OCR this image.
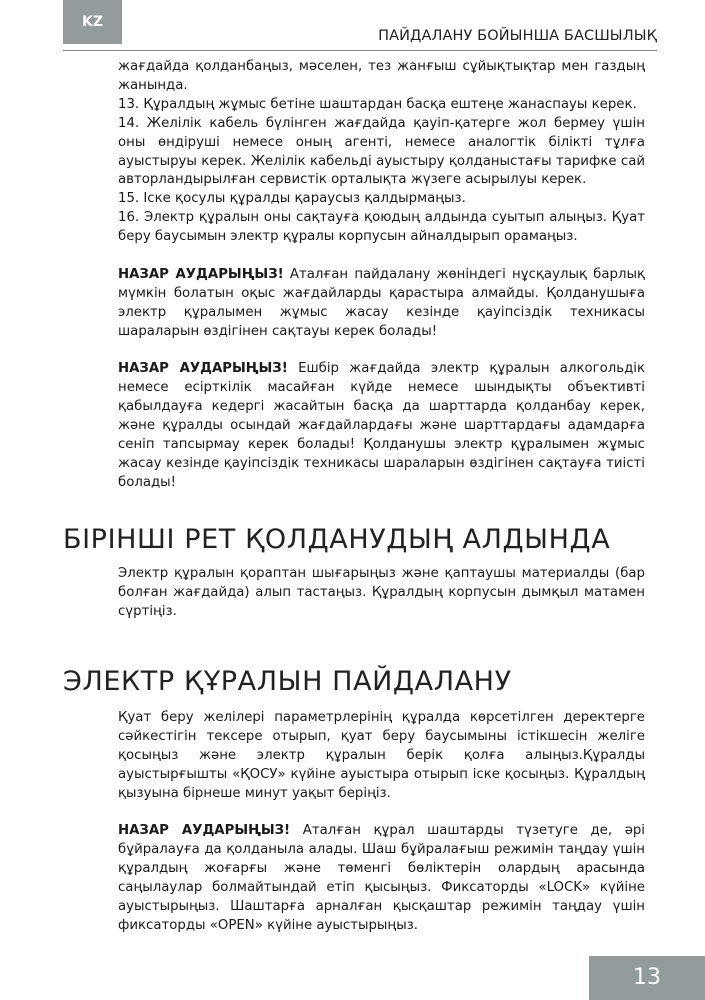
KZ
ПАЙДАЛАНУ БОЙЫНША БАСШЫЛЫҚ

жағдайда қолданбаңыз, мәселен, тез жанғыш сұйықтықтар мен газдың жанында.

13. Құралдың жұмыс бетіне шаштардан басқа ештеңе жанаспауы керек.

14. Желілік кабель бүлінген жағдайда қауіп-қатерге жол бермеу үшін оны өндіруші немесе оның агенті, немесе аналогтік білікті тұлға ауыстыруы керек. Желілік кабельді ауыстыру қолданыстағы тарифке сай авторландырылған сервистік орталықта жүзеге асырылуы керек.

15. Іске қосулы құралды қараусыз қалдырмаңыз.

16. Электр құралын оны сақтауға қоюдың алдында суытып алыңыз. Қуат беру баусымын электр құралы корпусын айналдырып орамаңыз.

НАЗАР АУДАРЫҢЫЗ! Аталған пайдалану жөніндегі нұсқаулық барлық мүмкін болатын оқыс жағдайларды қарастыра алмайды. Қолданушыға электр құралымен жұмыс жасау кезінде қауіпсіздік техникасы шараларын өздігінен сақтауы керек болады!

НАЗАР АУДАРЫҢЫЗ! Ешбір жағдайда электр құралын алкогольдік немесе есірткілік масайған күйде немесе шындықты объективті қабылдауға кедергі жасайтын басқа да шарттарда қолданбау керек, және құралды осындай жағдайлардағы және шарттардағы адамдарға сеніп тапсырмау керек болады! Қолданушы электр құралымен жұмыс жасау кезінде қауіпсіздік техникасы шараларын өздігінен сақтауға тиісті болады!

БІРІНШІ РЕТ ҚОЛДАНУДЫҢ АЛДЫНДА

Электр құралын қораптан шығарыңыз және қаптаушы материалды (бар болған жағдайда) алып тастаңыз. Құралдың корпусын дымқыл матамен сүртіңіз.

ЭЛЕКТР ҚҰРАЛЫН ПАЙДАЛАНУ

Қуат беру желілері параметрлерінің құралда көрсетілген деректерге сәйкестігін тексере отырып, қуат беру баусымыны істікшесін желіге қосыңыз және электр құралын берік қолға алыңыз.Құралды ауыстырғышты «ҚОСУ» күйіне ауыстыра отырып іске қосыңыз. Құралдың қызуына бірнеше минут уақыт беріңіз.

НАЗАР АУДАРЫҢЫЗ! Аталған құрал шаштарды түзетуге де, әрі бұйралауға да қолданыла алады. Шаш бұйралағыш режимін таңдау үшін құралдың жоғарғы және төменгі бөліктерін олардың арасында саңылаулар болмайтындай етіп қысыңыз. Фиксаторды «LOCK» күйіне ауыстырыңыз. Шаштарға арналған қысқаштар режимін таңдау үшін фиксаторды «OPEN» күйіне ауыстырыңыз.

13
